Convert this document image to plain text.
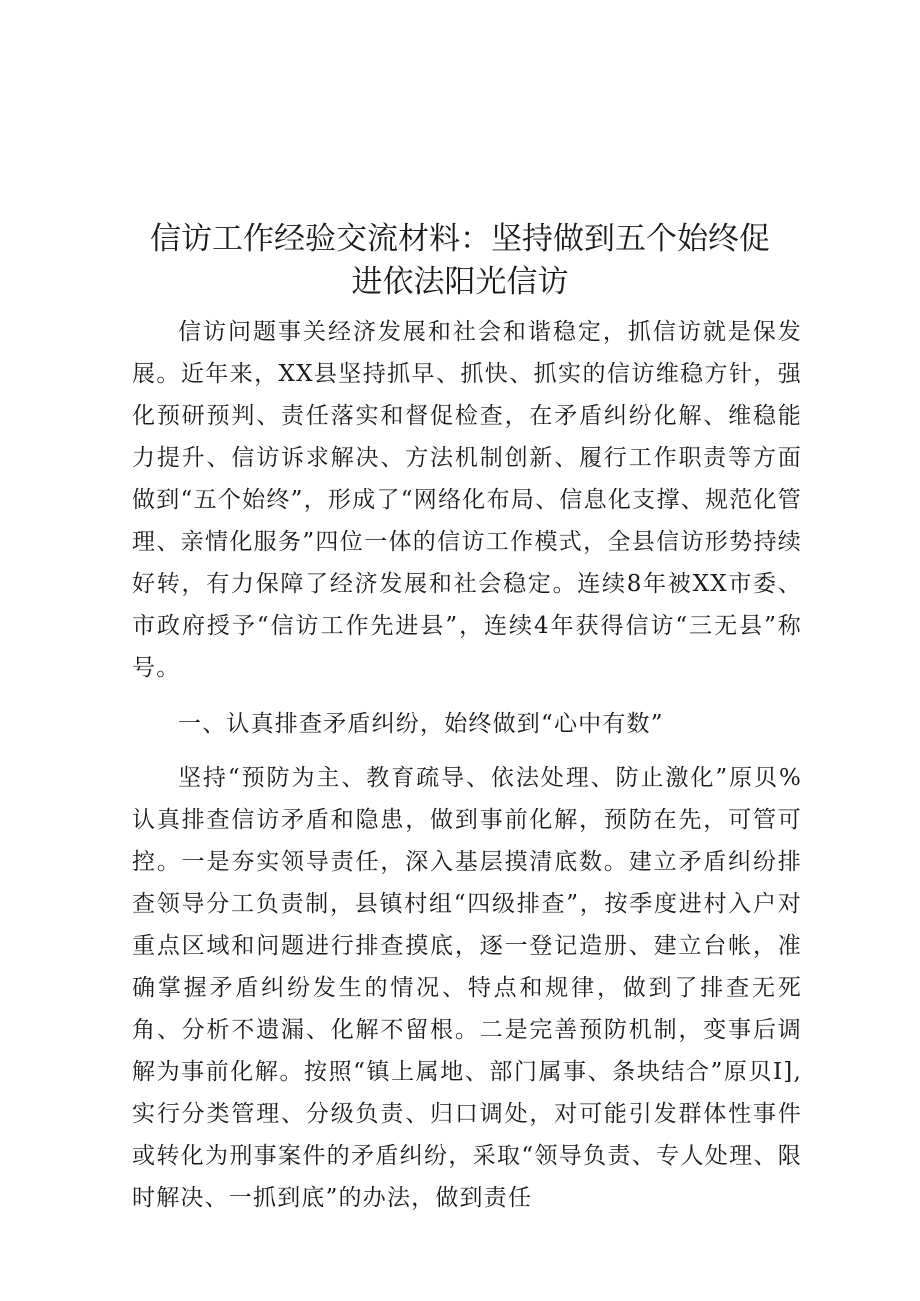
信访工作经验交流材料：坚持做到五个始终促
进依法阳光信访

信访问题事关经济发展和社会和谐稳定，抓信访就是保发展。近年来，XX县坚持抓早、抓快、抓实的信访维稳方针，强化预研预判、责任落实和督促检查，在矛盾纠纷化解、维稳能力提升、信访诉求解决、方法机制创新、履行工作职责等方面做到“五个始终”，形成了“网络化布局、信息化支撑、规范化管理、亲情化服务”四位一体的信访工作模式，全县信访形势持续好转，有力保障了经济发展和社会稳定。连续8年被XX市委、市政府授予“信访工作先进县”，连续4年获得信访“三无县”称号。

一、认真排查矛盾纠纷，始终做到“心中有数”

坚持“预防为主、教育疏导、依法处理、防止激化”原贝%认真排查信访矛盾和隐患，做到事前化解，预防在先，可管可控。一是夯实领导责任，深入基层摸清底数。建立矛盾纠纷排查领导分工负责制，县镇村组“四级排查”，按季度进村入户对重点区域和问题进行排查摸底，逐一登记造册、建立台帐，准确掌握矛盾纠纷发生的情况、特点和规律，做到了排查无死角、分析不遗漏、化解不留根。二是完善预防机制，变事后调解为事前化解。按照“镇上属地、部门属事、条块结合”原贝I],实行分类管理、分级负责、归口调处，对可能引发群体性事件或转化为刑事案件的矛盾纠纷，采取“领导负责、专人处理、限时解决、一抓到底”的办法，做到责任
